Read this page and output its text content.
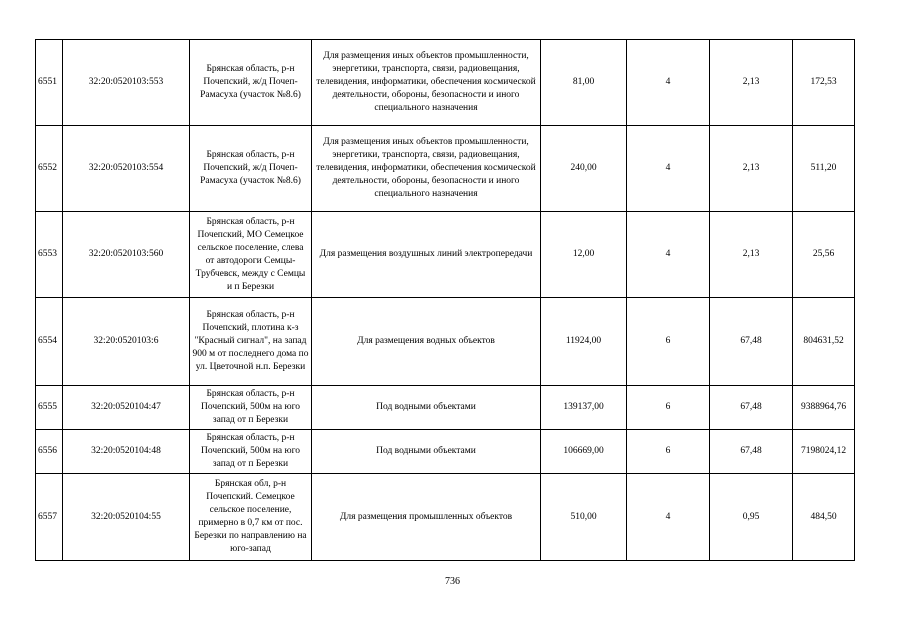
6551	32:20:0520103:553	Брянская область, р-н Почепский, ж/д Почеп-Рамасуха (участок №8.6)	Для размещения иных объектов промышленности, энергетики, транспорта, связи, радиовещания, телевидения, информатики, обеспечения космической деятельности, обороны, безопасности и иного специального назначения	81,00	4	2,13	172,53
6552	32:20:0520103:554	Брянская область, р-н Почепский, ж/д Почеп-Рамасуха (участок №8.6)	Для размещения иных объектов промышленности, энергетики, транспорта, связи, радиовещания, телевидения, информатики, обеспечения космической деятельности, обороны, безопасности и иного специального назначения	240,00	4	2,13	511,20
6553	32:20:0520103:560	Брянская область, р-н Почепский, МО Семецкое сельское поселение, слева от автодороги Семцы-Трубчевск, между с Семцы и п Березки	Для размещения воздушных линий электропередачи	12,00	4	2,13	25,56
6554	32:20:0520103:6	Брянская область, р-н Почепский, плотина к-з "Красный сигнал", на запад 900 м от последнего дома по ул. Цветочной н.п. Березки	Для размещения водных объектов	11924,00	6	67,48	804631,52
6555	32:20:0520104:47	Брянская область, р-н Почепский, 500м на юго запад от п Березки	Под водными объектами	139137,00	6	67,48	9388964,76
6556	32:20:0520104:48	Брянская область, р-н Почепский, 500м на юго запад от п Березки	Под водными объектами	106669,00	6	67,48	7198024,12
6557	32:20:0520104:55	Брянская обл, р-н Почепский. Семецкое сельское поселение, примерно в 0,7 км от пос. Березки по направлению на юго-запад	Для размещения промышленных объектов	510,00	4	0,95	484,50
736
